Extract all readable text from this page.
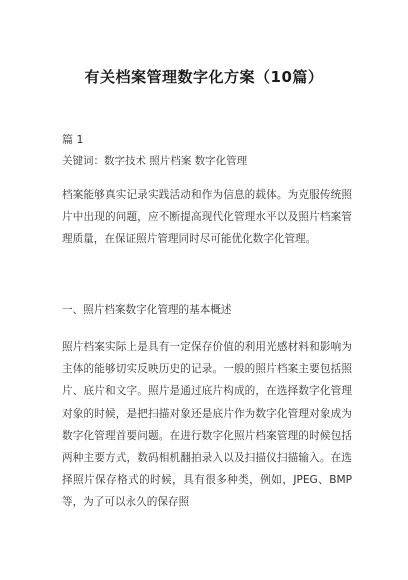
有关档案管理数字化方案（10篇）
篇 1
关键词：数字技术 照片档案 数字化管理
档案能够真实记录实践活动和作为信息的载体。为克服传统照片中出现的问题，应不断提高现代化管理水平以及照片档案管理质量，在保证照片管理同时尽可能优化数字化管理。
一、照片档案数字化管理的基本概述
照片档案实际上是具有一定保存价值的利用光感材料和影响为主体的能够切实反映历史的记录。一般的照片档案主要包括照片、底片和文字。照片是通过底片构成的，在选择数字化管理对象的时候，是把扫描对象还是底片作为数字化管理对象成为数字化管理首要问题。在进行数字化照片档案管理的时候包括两种主要方式，数码相机翻拍录入以及扫描仪扫描输入。在选择照片保存格式的时候，具有很多种类，例如，JPEG、BMP等，为了可以永久的保存照
